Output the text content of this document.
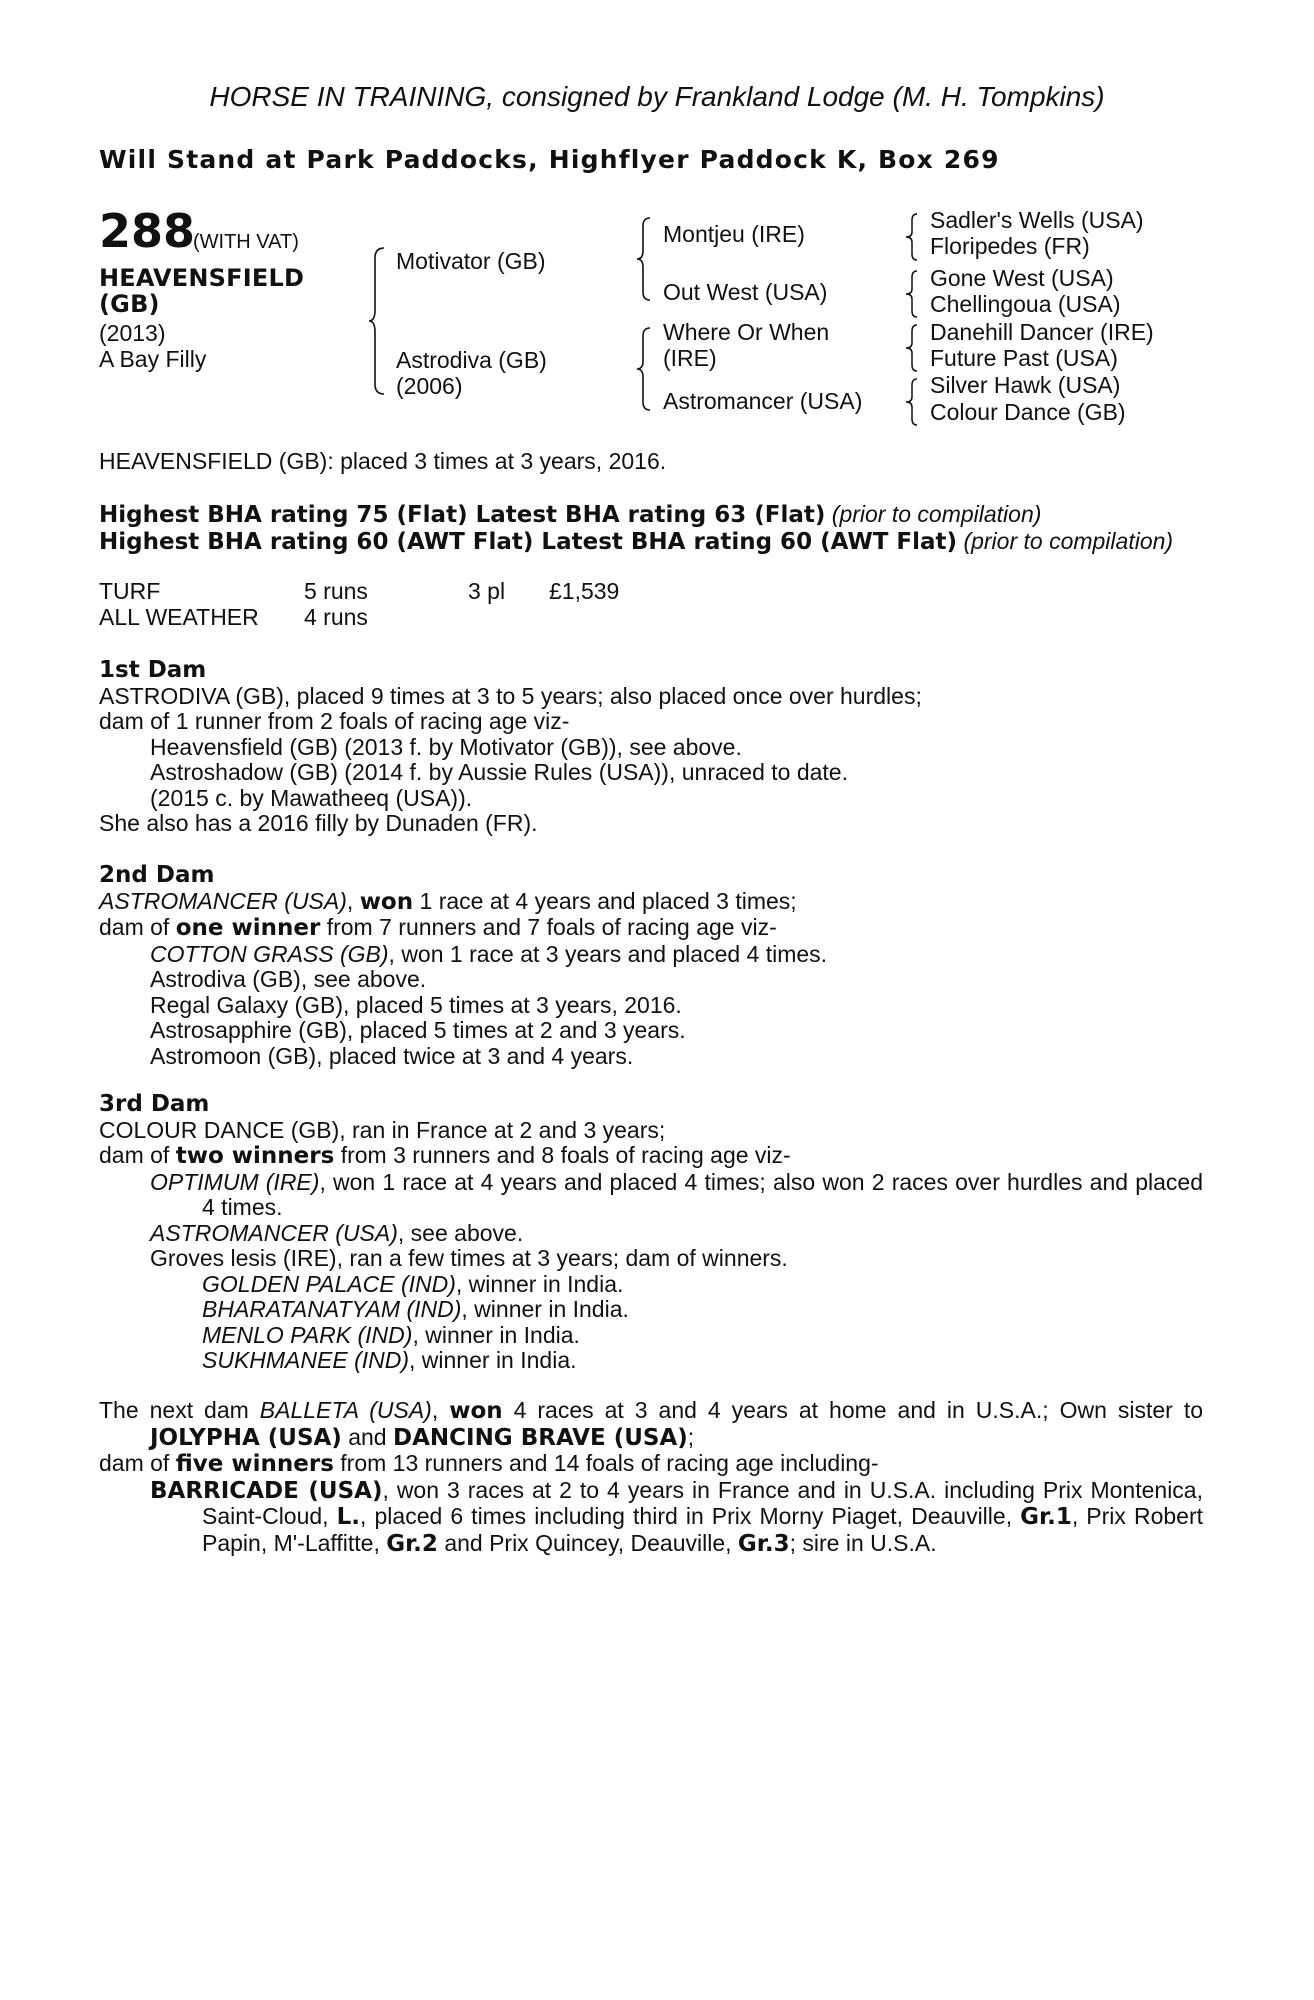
HORSE IN TRAINING, consigned by Frankland Lodge (M. H. Tompkins)
Will Stand at Park Paddocks, Highflyer Paddock K, Box 269
288
(WITH VAT)
HEAVENSFIELD
(GB)
(2013)
A Bay Filly
Motivator (GB)
Astrodiva (GB)
(2006)
Montjeu (IRE)
Out West (USA)
Where Or When
(IRE)
Astromancer (USA)
Sadler's Wells (USA)
Floripedes (FR)
Gone West (USA)
Chellingoua (USA)
Danehill Dancer (IRE)
Future Past (USA)
Silver Hawk (USA)
Colour Dance (GB)

HEAVENSFIELD (GB): placed 3 times at 3 years, 2016.

Highest BHA rating 75 (Flat) Latest BHA rating 63 (Flat) (prior to compilation)

Highest BHA rating 60 (AWT Flat) Latest BHA rating 60 (AWT Flat) (prior to compilation)

TURF	5 runs	3 pl	£1,539
ALL WEATHER	4 runs		

1st Dam

ASTRODIVA (GB), placed 9 times at 3 to 5 years; also placed once over hurdles;

dam of 1 runner from 2 foals of racing age viz-

Heavensfield (GB) (2013 f. by Motivator (GB)), see above.

Astroshadow (GB) (2014 f. by Aussie Rules (USA)), unraced to date.

(2015 c. by Mawatheeq (USA)).

She also has a 2016 filly by Dunaden (FR).

2nd Dam

ASTROMANCER (USA), won 1 race at 4 years and placed 3 times;

dam of one winner from 7 runners and 7 foals of racing age viz-

COTTON GRASS (GB), won 1 race at 3 years and placed 4 times.

Astrodiva (GB), see above.

Regal Galaxy (GB), placed 5 times at 3 years, 2016.

Astrosapphire (GB), placed 5 times at 2 and 3 years.

Astromoon (GB), placed twice at 3 and 4 years.

3rd Dam

COLOUR DANCE (GB), ran in France at 2 and 3 years;

dam of two winners from 3 runners and 8 foals of racing age viz-

OPTIMUM (IRE), won 1 race at 4 years and placed 4 times; also won 2 races over hurdles and placed 4 times.

ASTROMANCER (USA), see above.

Groves lesis (IRE), ran a few times at 3 years; dam of winners.

GOLDEN PALACE (IND), winner in India.

BHARATANATYAM (IND), winner in India.

MENLO PARK (IND), winner in India.

SUKHMANEE (IND), winner in India.

The next dam BALLETA (USA), won 4 races at 3 and 4 years at home and in U.S.A.; Own sister to JOLYPHA (USA) and DANCING BRAVE (USA);

dam of five winners from 13 runners and 14 foals of racing age including-

BARRICADE (USA), won 3 races at 2 to 4 years in France and in U.S.A. including Prix Montenica, Saint-Cloud, L., placed 6 times including third in Prix Morny Piaget, Deauville, Gr.1, Prix Robert Papin, M'-Laffitte, Gr.2 and Prix Quincey, Deauville, Gr.3; sire in U.S.A.
